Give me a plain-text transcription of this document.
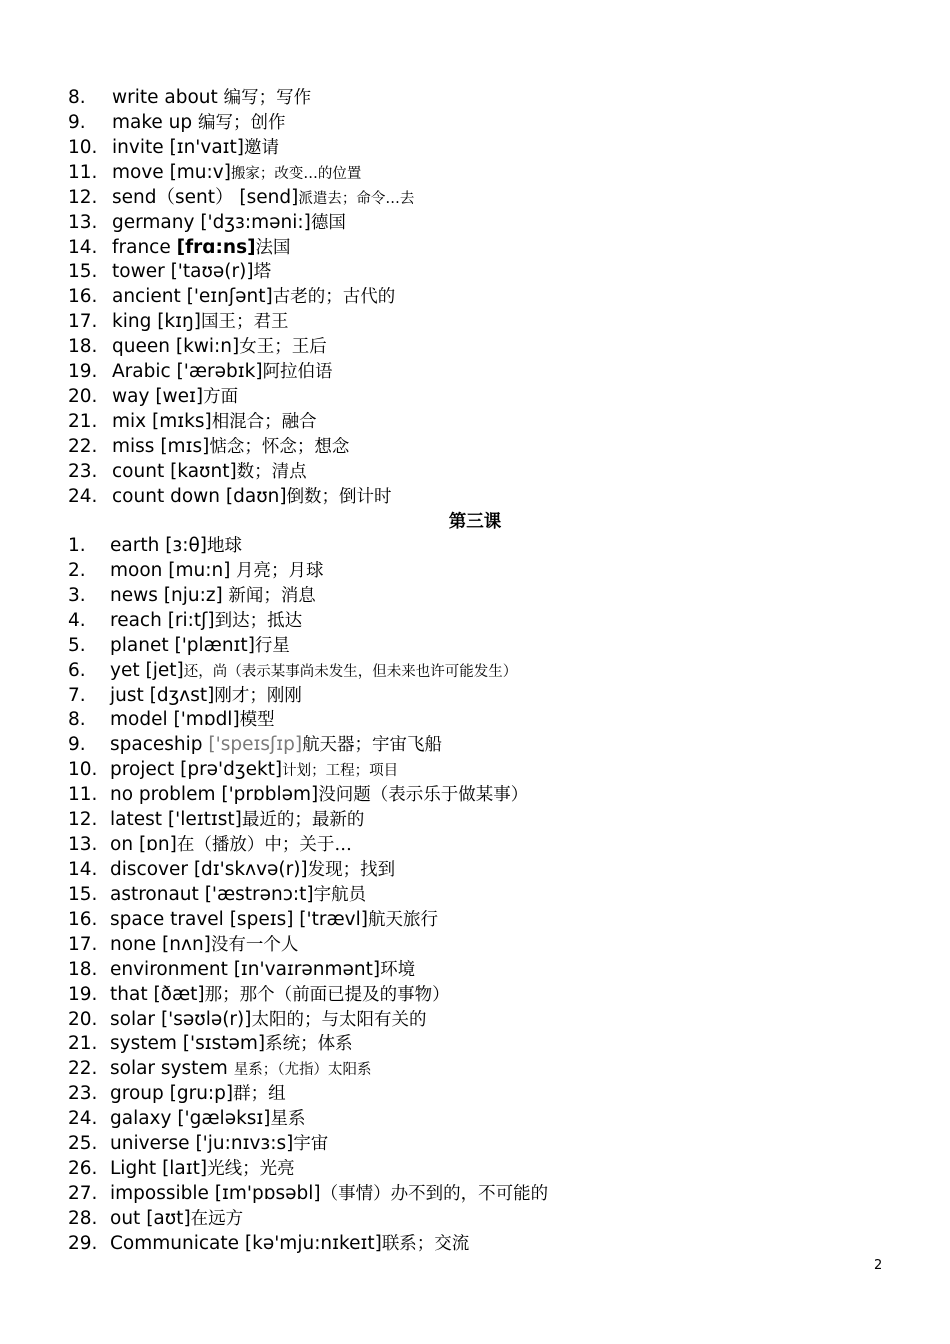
8. write about 编写；写作
9. make up 编写；创作
10. invite [ɪn'vaɪt]邀请
11. move [mu:v]搬家；改变…的位置
12. send（sent） [send]派遣去；命令…去
13. germany ['dʒɜ:məni:]德国
14. france [frɑ:ns]法国
15. tower ['taʊə(r)]塔
16. ancient ['eɪnʃənt]古老的；古代的
17. king [kɪŋ]国王；君王
18. queen [kwi:n]女王；王后
19. Arabic ['ærəbɪk]阿拉伯语
20. way [weɪ]方面
21. mix [mɪks]相混合；融合
22. miss [mɪs]惦念；怀念；想念
23. count [kaʊnt]数；清点
24. count down [daʊn]倒数；倒计时
第三课
1. earth [ɜ:θ]地球
2. moon [mu:n] 月亮；月球
3. news [nju:z] 新闻；消息
4. reach [ri:tʃ]到达；抵达
5. planet ['plænɪt]行星
6. yet [jet]还，尚（表示某事尚未发生，但未来也许可能发生）
7. just [dʒʌst]刚才；刚刚
8. model ['mɒdl]模型
9. spaceship ['speɪsʃɪp]航天器；宇宙飞船
10. project [prə'dʒekt]计划；工程；项目
11. no problem ['prɒbləm]没问题（表示乐于做某事）
12. latest ['leɪtɪst]最近的；最新的
13. on [ɒn]在（播放）中；关于…
14. discover [dɪ'skʌvə(r)]发现；找到
15. astronaut ['æstrənɔ:t]宇航员
16. space travel [speɪs] ['trævl]航天旅行
17. none [nʌn]没有一个人
18. environment [ɪn'vaɪrənmənt]环境
19. that [ðæt]那；那个（前面已提及的事物）
20. solar ['səʊlə(r)]太阳的；与太阳有关的
21. system ['sɪstəm]系统；体系
22. solar system 星系；（尤指）太阳系
23. group [gru:p]群；组
24. galaxy ['gæləksɪ]星系
25. universe ['ju:nɪvɜ:s]宇宙
26. Light [laɪt]光线；光亮
27. impossible [ɪm'pɒsəbl]（事情）办不到的，不可能的
28. out [aʊt]在远方
29. Communicate [kə'mju:nɪkeɪt]联系；交流
2
